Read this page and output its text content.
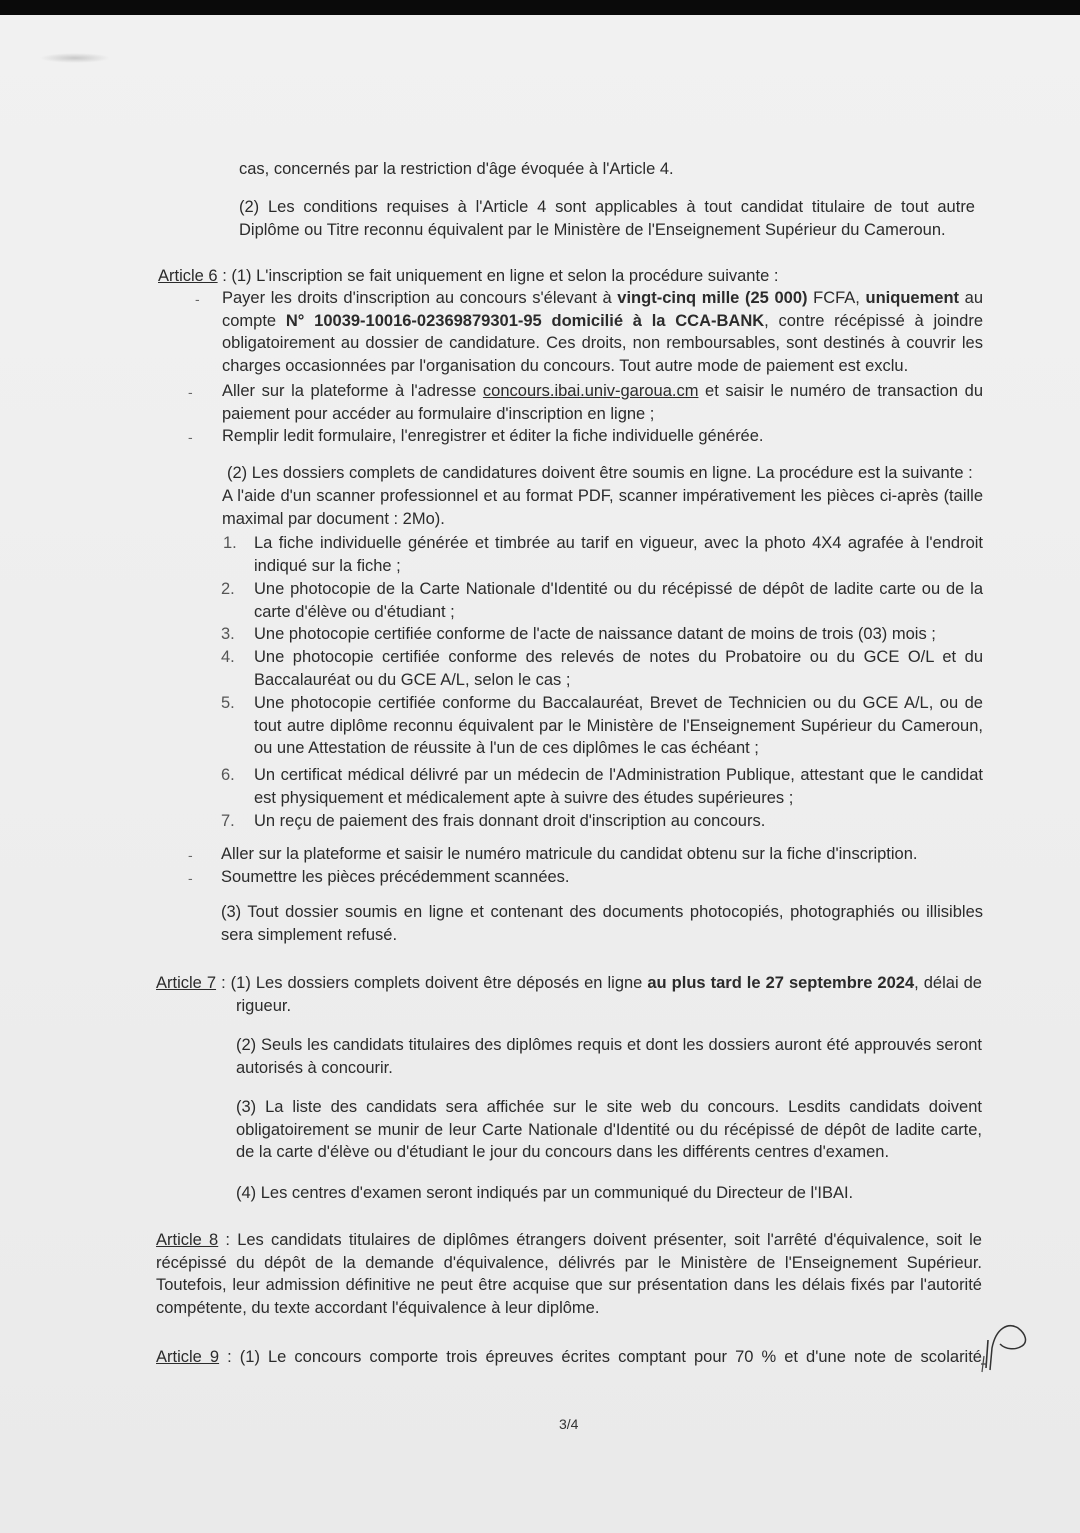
cas, concernés par la restriction d'âge évoquée à l'Article 4.

(2) Les conditions requises à l'Article 4 sont applicables à tout candidat titulaire de tout autre Diplôme ou Titre reconnu équivalent par le Ministère de l'Enseignement Supérieur du Cameroun.

Article 6 : (1) L'inscription se fait uniquement en ligne et selon la procédure suivante :

- Payer les droits d'inscription au concours s'élevant à vingt-cinq mille (25 000) FCFA, uniquement au compte N° 10039-10016-02369879301-95 domicilié à la CCA-BANK, contre récépissé à joindre obligatoirement au dossier de candidature. Ces droits, non remboursables, sont destinés à couvrir les charges occasionnées par l'organisation du concours. Tout autre mode de paiement est exclu.

- Aller sur la plateforme à l'adresse concours.ibai.univ-garoua.cm et saisir le numéro de transaction du paiement pour accéder au formulaire d'inscription en ligne ;

- Remplir ledit formulaire, l'enregistrer et éditer la fiche individuelle générée.

(2) Les dossiers complets de candidatures doivent être soumis en ligne. La procédure est la suivante :

A l'aide d'un scanner professionnel et au format PDF, scanner impérativement les pièces ci-après (taille maximal par document : 2Mo).

1. La fiche individuelle générée et timbrée au tarif en vigueur, avec la photo 4X4 agrafée à l'endroit indiqué sur la fiche ;

2. Une photocopie de la Carte Nationale d'Identité ou du récépissé de dépôt de ladite carte ou de la carte d'élève ou d'étudiant ;

3. Une photocopie certifiée conforme de l'acte de naissance datant de moins de trois (03) mois ;

4. Une photocopie certifiée conforme des relevés de notes du Probatoire ou du GCE O/L et du Baccalauréat ou du GCE A/L, selon le cas ;

5. Une photocopie certifiée conforme du Baccalauréat, Brevet de Technicien ou du GCE A/L, ou de tout autre diplôme reconnu équivalent par le Ministère de l'Enseignement Supérieur du Cameroun, ou une Attestation de réussite à l'un de ces diplômes le cas échéant ;

6. Un certificat médical délivré par un médecin de l'Administration Publique, attestant que le candidat est physiquement et médicalement apte à suivre des études supérieures ;

7. Un reçu de paiement des frais donnant droit d'inscription au concours.

- Aller sur la plateforme et saisir le numéro matricule du candidat obtenu sur la fiche d'inscription.

- Soumettre les pièces précédemment scannées.

(3) Tout dossier soumis en ligne et contenant des documents photocopiés, photographiés ou illisibles sera simplement refusé.

Article 7 : (1) Les dossiers complets doivent être déposés en ligne au plus tard le 27 septembre 2024, délai de rigueur.

(2) Seuls les candidats titulaires des diplômes requis et dont les dossiers auront été approuvés seront autorisés à concourir.

(3) La liste des candidats sera affichée sur le site web du concours. Lesdits candidats doivent obligatoirement se munir de leur Carte Nationale d'Identité ou du récépissé de dépôt de ladite carte, de la carte d'élève ou d'étudiant le jour du concours dans les différents centres d'examen.

(4) Les centres d'examen seront indiqués par un communiqué du Directeur de l'IBAI.

Article 8 : Les candidats titulaires de diplômes étrangers doivent présenter, soit l'arrêté d'équivalence, soit le récépissé du dépôt de la demande d'équivalence, délivrés par le Ministère de l'Enseignement Supérieur. Toutefois, leur admission définitive ne peut être acquise que sur présentation dans les délais fixés par l'autorité compétente, du texte accordant l'équivalence à leur diplôme.

Article 9 : (1) Le concours comporte trois épreuves écrites comptant pour 70 % et d'une note de scolarité

3/4
